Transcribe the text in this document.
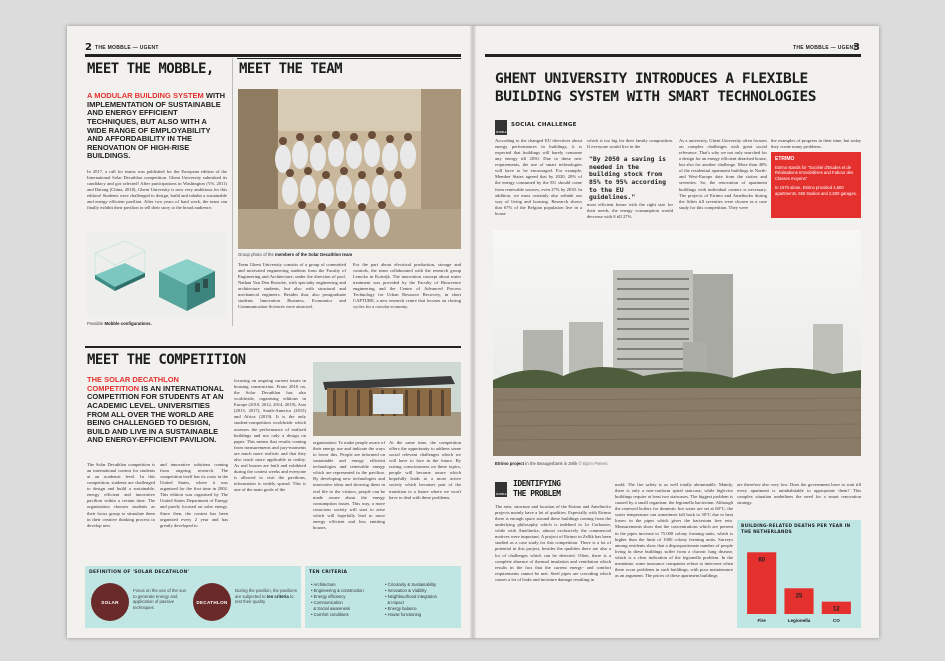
2 THE MOBBLE — UGENT
MEET THE MOBBLE,
A MODULAR BUILDING SYSTEM WITH IMPLEMENTATION OF SUSTAINABLE AND ENERGY EFFICIENT TECHNIQUES, BUT ALSO WITH A WIDE RANGE OF EMPLOYABILITY AND AFFORDABILITY IN THE RENOVATION OF HIGH-RISE BUILDINGS.
In 2017, a call for teams was published for the European edition of the International Solar Decathlon competition. Ghent University submitted its candidacy and got selected! After participations in Washington (VS, 2011) and Datong (China, 2018), Ghent University is now very ambitious for this edition! Students were challenged to design, build and inhabit a sustainable and energy efficient pavilion. After two years of hard work, the team can finally exhibit their pavilion to tell their story to the broad audience.
Possible Mobble configurations.
MEET THE TEAM
Group photo of the members of the Solar Decathlon team
Team Ghent University consists of a group of committed and motivated engineering students from the Faculty of Engineering and Architecture, under the direction of prof. Nathan Van Den Bossche, with specialty engineering and architecture students, but also with structural and mechanical engineers. Besides that, also postgraduate students Innovation Business, Economics and Communication Sciences were attracted.
For the part about electrical production, storage and controls, the team collaborated with the research group Lemcko in Kortrijk. The innovation concept about water treatment was provided by the Faculty of Bioscience engineering and the Centre of Advanced Process Technology for Urban Resource Recovery, in short CAPTURE, a new research centre that focuses on closing cycles for a circular economy.
MEET THE COMPETITION
THE SOLAR DECATHLON COMPETITION IS AN INTERNATIONAL COMPETITION FOR STUDENTS AT AN ACADEMIC LEVEL. UNIVERSITIES FROM ALL OVER THE WORLD ARE BEING CHALLENGED TO DESIGN, BUILD AND LIVE IN A SUSTAINABLE AND ENERGY-EFFICIENT PAVILION.
The Solar Decathlon competition is an international contest for students at an academic level. In this competition, students are challenged to design and build a sustainable, energy efficient and innovative pavilion within a certain time. The organisation chooses students as their focus group to stimulate them in their creative thinking process to develop new
and innovative solutions coming from ongoing research. The competition itself has its roots in the United States, where it was organised for the first time in 2002. This edition was organised by The United States Department of Energy and purely focused on solar energy. Since then, the contest has been organised every 2 year and has greatly developed to
focusing on ongoing current issues in housing construction. From 2010 on, the Solar Decathlon has also worldwide, organising editions in Europe (2010, 2012, 2014, 2019), Asia (2013, 2017), South-America (2015) and Africa (2019). It is the only student-competition worldwide which assesses the performance of realized buildings and not only a design on paper. This means that results coming from measurements and jury-moments are much more realistic and that they also reach more applicable in reality. As real houses are built and exhibited during the contest weeks and everyone is allowed to visit the pavilions, information is widely spread. This is one of the main goals of the
organisation: To make people aware of their energy use and indicate the ways to lower this. People are informed on sustainable and energy efficient technologies and renewable energy which are represented in the pavilion. By developing new technologies and innovative ideas and showing them in real life to the visitors, people can be made aware about the energy consumption issues. This way, a more conscious society will start to arise which will hopefully lead to more energy efficient and less emitting houses.
At the same time, the competition offers the opportunity to address some social relevant challenges which we will have to face in the future. By raising consciousness on these topics, people will become aware which hopefully leads to a more active society which becomes part of the transition to a future where we won't have to deal with these problems.
DEFINITION OF 'SOLAR DECATHLON'
SOLAR
Focus on the use of the sun to generate energy and application of passive techniques
DECATHLON
During the pavilion, the pavilions are subjected to ten criteria to test their quality
TEN CRITERIA
• Architecture
• Engineering & construction
• Energy efficiency
• Communication
& Social awareness
• Comfort conditions
• Circularity & Sustainability
• Innovation & Viability
• Neighbourhood integration
& Impact
• Energy balance
• House functioning
THE MOBBLE — UGENT
3
GHENT UNIVERSITY INTRODUCES A FLEXIBLE
BUILDING SYSTEM WITH SMART TECHNOLOGIES
MOBBLE
SOCIAL CHALLENGE
According to the changed EU directives about energy performances in buildings, it is expected that buildings will barely consume any energy till 2050. Due to these new requirements, the use of smart technologies will have to be encouraged. For example, Member States agreed that by 2020, 20% of the energy consumed by the EU should come from renewable sources, even 27% by 2030. In addition, we must certainly also rethink our way of living and housing. Research shows that 67% of the Belgian population live in a house
which is too big for their family composition. If everyone would live in the
"By 2050 a saving is needed in the building stock from 85% to 95% according to the EU guidelines."
most efficient house with the right size for their needs, the energy consumption would decrease with 8 till 27%.
As a university, Ghent University often focuses on complex challenges with great social relevance. That's why we not only searched for a design for an energy efficient detached house, but also for another challenge. More than 40% of the residential apartment buildings in North- and West-Europe date from the sixties and seventies. So, the renovation of apartment buildings with individual owners is necessary. The projects of Etrimo and Amelinckx during the fifties till seventies were chosen as a case study for this competition. They were
the examples of progress in their time, but today they create many problems.
ETRIMO
Etrimo stands for "Société d'Etudes et de Réalisations Immobilières and Fabour des Classes moyens"
In 1970 alone, Etrimo provided 4,500 apartments, 660 studios and 2,500 garages.
Etrimo project in the Beaugerbank in Zelik © Bjorn Pieters
MOBBLE
IDENTIFYING
THE PROBLEM
The area, structure and location of the Etrimo and Amelinckx projects mainly have a lot of qualities. Especially with Etrimo there is enough space around these buildings coming from the underlying philosophy which is indebted to Le Corbusier, while with Amelinckx, almost exclusively the commercial motives were important. A project of Etrimo in Zellik has been studied as a case study for this competition. There is a lot of potential in this project, besides the qualities there are also a lot of challenges which can be detected. Often, there is a complete absence of thermal insulation and ventilation which results in the fact that the current energy- and comfort requirements cannot be met. Steel pipes are corroding which causes a lot of leaks and moisture damage resulting in
mold. The fire safety is as well totally abominable. Mainly, there is only a non-conform spiral staircase, while high-rise buildings require at least two staircases. The biggest problem is caused by a small organism: the legionella bacterium. Although the renewed boilers for domestic hot water are set at 60°C, the water temperature can sometimes fall back to 30°C due to heat losses in the pipes which gives the bacterium free rein. Measurements show that the concentrations which are present in the pipes increase to 75.000 colony forming units, which is higher than the limit of 1000 colony forming units. Surveys among residents show that a disproportionate number of people living in these buildings suffer from a chronic lung disease, which is a clear indication of the legionella problem. In the meantime, some insurance companies refuse to intervene when there occur problems in such buildings, with poor maintenance as an argument. The prices of these apartment buildings
are therefore also very low. Does the government have to wait till every apartment is uninhabitable to appropriate them? This complex situation underlines the need for a smart renovation strategy.
BUILDING-RELATED DEATHS PER YEAR IN THE NETHERLANDS
60
Fire
25
Legionella
12
CO
